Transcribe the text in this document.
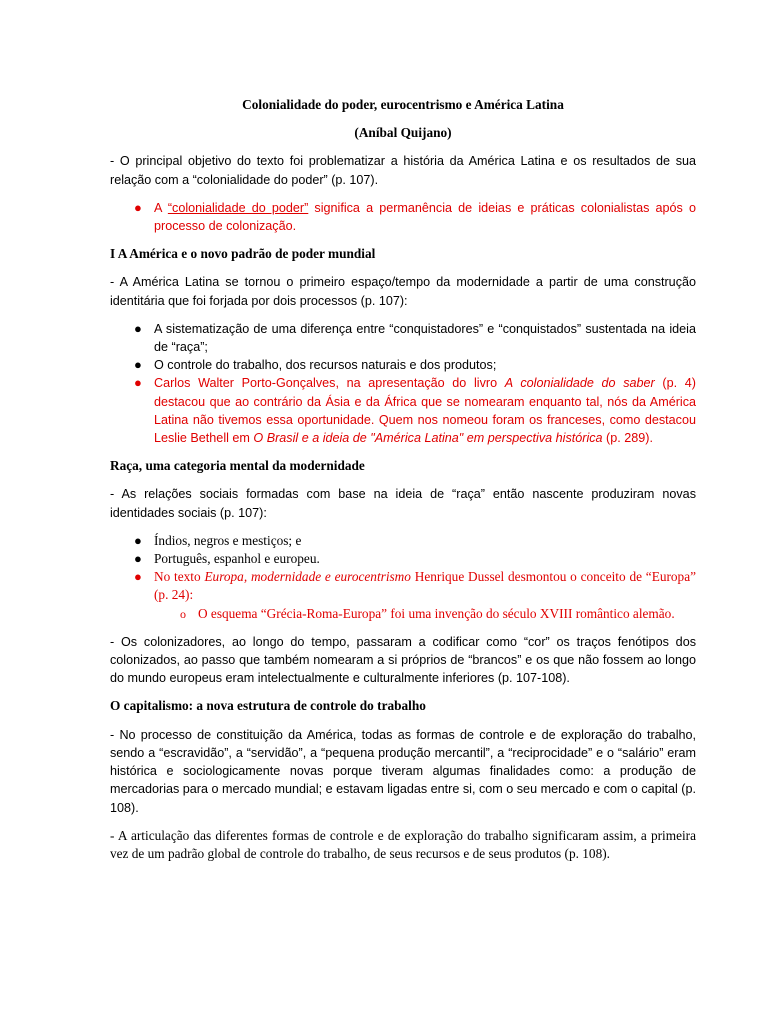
Colonialidade do poder, eurocentrismo e América Latina

(Aníbal Quijano)

- O principal objetivo do texto foi problematizar a história da América Latina e os resultados de sua relação com a “colonialidade do poder” (p. 107).

● A “colonialidade do poder” significa a permanência de ideias e práticas colonialistas após o processo de colonização.
I A América e o novo padrão de poder mundial

- A América Latina se tornou o primeiro espaço/tempo da modernidade a partir de uma construção identitária que foi forjada por dois processos (p. 107):

● A sistematização de uma diferença entre “conquistadores” e “conquistados” sustentada na ideia de “raça”;
● O controle do trabalho, dos recursos naturais e dos produtos;
● Carlos Walter Porto-Gonçalves, na apresentação do livro A colonialidade do saber (p. 4) destacou que ao contrário da Ásia e da África que se nomearam enquanto tal, nós da América Latina não tivemos essa oportunidade. Quem nos nomeou foram os franceses, como destacou Leslie Bethell em O Brasil e a ideia de "América Latina" em perspectiva histórica (p. 289).
Raça, uma categoria mental da modernidade

- As relações sociais formadas com base na ideia de “raça” então nascente produziram novas identidades sociais (p. 107):

● Índios, negros e mestiços; e
● Português, espanhol e europeu.
● No texto Europa, modernidade e eurocentrismo Henrique Dussel desmontou o conceito de “Europa” (p. 24):
o O esquema “Grécia-Roma-Europa” foi uma invenção do século XVIII romântico alemão.

- Os colonizadores, ao longo do tempo, passaram a codificar como “cor” os traços fenótipos dos colonizados, ao passo que também nomearam a si próprios de “brancos” e os que não fossem ao longo do mundo europeus eram intelectualmente e culturalmente inferiores (p. 107-108).

O capitalismo: a nova estrutura de controle do trabalho

- No processo de constituição da América, todas as formas de controle e de exploração do trabalho, sendo a “escravidão”, a “servidão”, a “pequena produção mercantil”, a “reciprocidade” e o “salário” eram histórica e sociologicamente novas porque tiveram algumas finalidades como: a produção de mercadorias para o mercado mundial; e estavam ligadas entre si, com o seu mercado e com o capital (p. 108).

- A articulação das diferentes formas de controle e de exploração do trabalho significaram assim, a primeira vez de um padrão global de controle do trabalho, de seus recursos e de seus produtos (p. 108).
